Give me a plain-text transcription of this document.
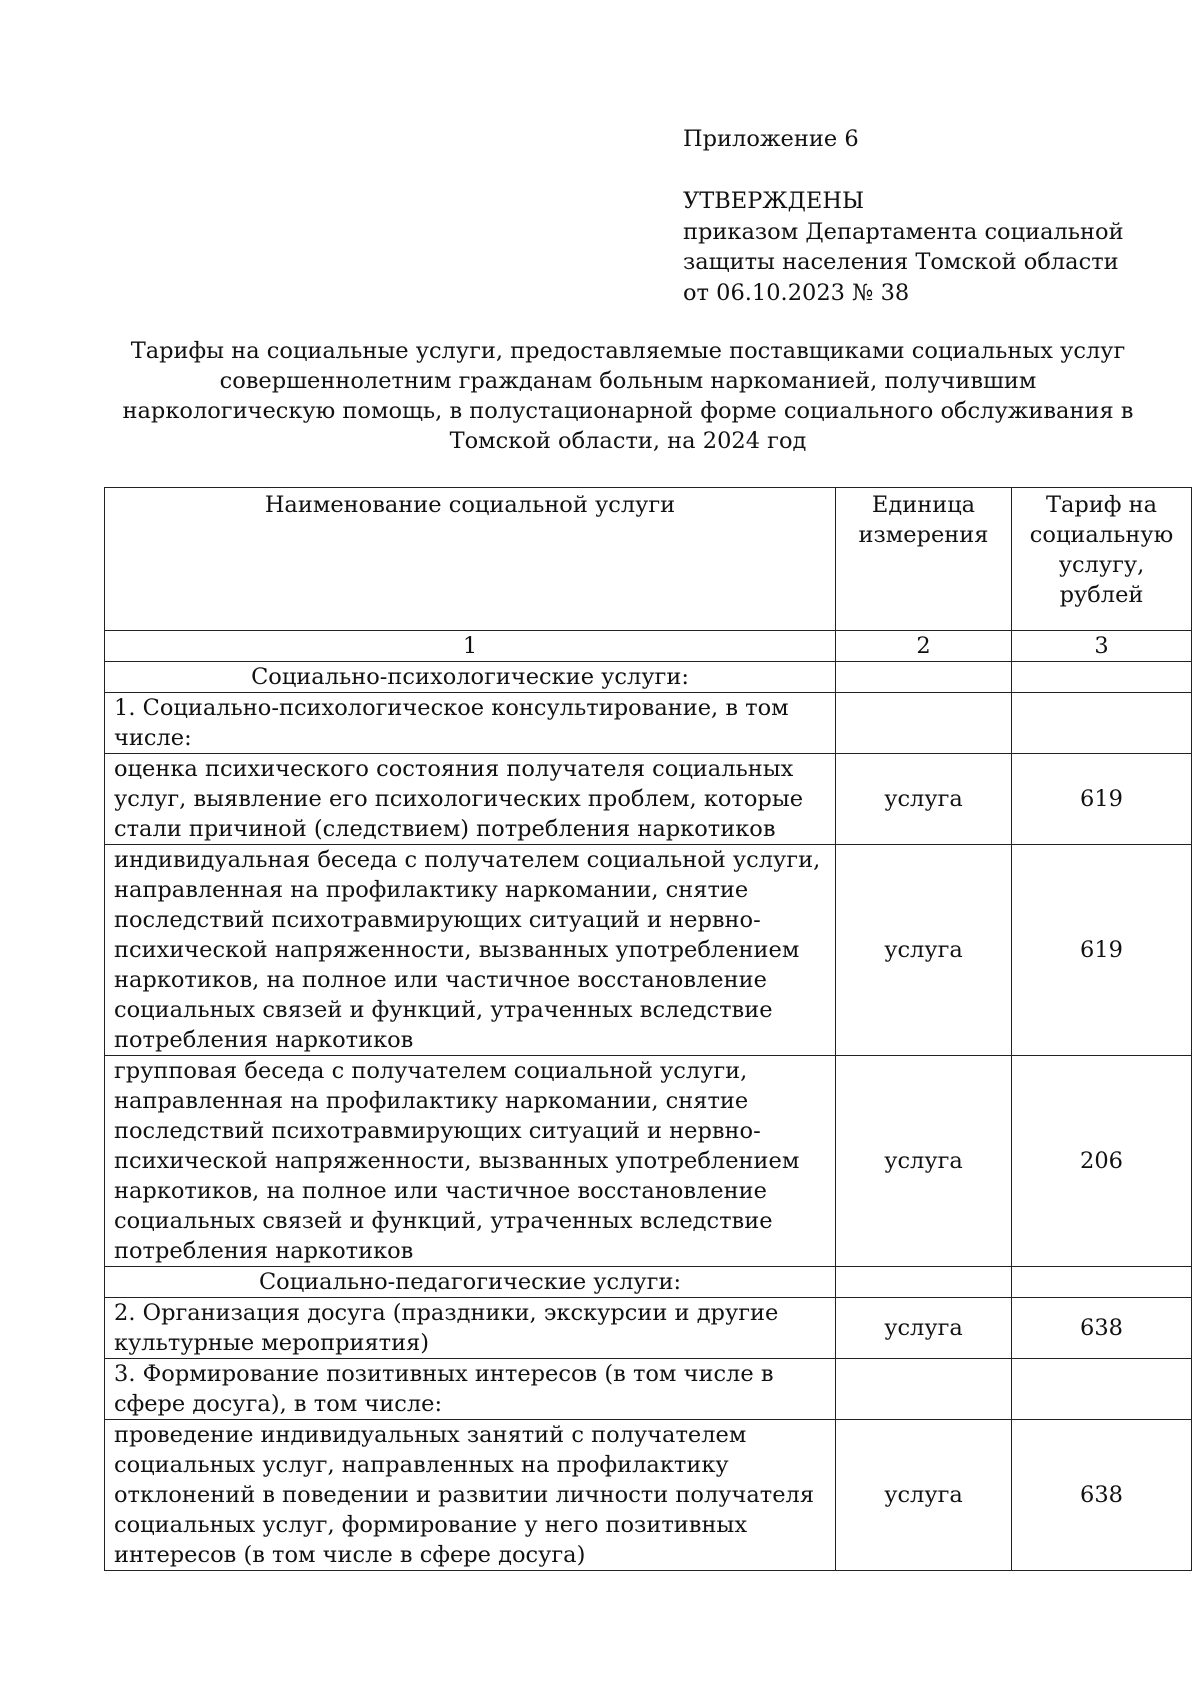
Приложение 6
УТВЕРЖДЕНЫ
приказом Департамента социальной
защиты населения Томской области
от 06.10.2023 № 38
Тарифы на социальные услуги, предоставляемые поставщиками социальных услуг совершеннолетним гражданам больным наркоманией, получившим наркологическую помощь, в полустационарной форме социального обслуживания в Томской области, на 2024 год
Наименование социальной услуги	Единица измерения	Тариф на социальную услугу, рублей
1	2	3
Социально-психологические услуги:		
1. Социально-психологическое консультирование, в том числе:		
оценка психического состояния получателя социальных услуг, выявление его психологических проблем, которые стали причиной (следствием) потребления наркотиков	услуга	619
индивидуальная беседа с получателем социальной услуги, направленная на профилактику наркомании, снятие последствий психотравмирующих ситуаций и нервно-психической напряженности, вызванных употреблением наркотиков, на полное или частичное восстановление социальных связей и функций, утраченных вследствие потребления наркотиков	услуга	619
групповая беседа с получателем социальной услуги, направленная на профилактику наркомании, снятие последствий психотравмирующих ситуаций и нервно-психической напряженности, вызванных употреблением наркотиков, на полное или частичное восстановление социальных связей и функций, утраченных вследствие потребления наркотиков	услуга	206
Социально-педагогические услуги:		
2. Организация досуга (праздники, экскурсии и другие культурные мероприятия)	услуга	638
3. Формирование позитивных интересов (в том числе в сфере досуга), в том числе:		
проведение индивидуальных занятий с получателем социальных услуг, направленных на профилактику отклонений в поведении и развитии личности получателя социальных услуг, формирование у него позитивных интересов (в том числе в сфере досуга)	услуга	638
